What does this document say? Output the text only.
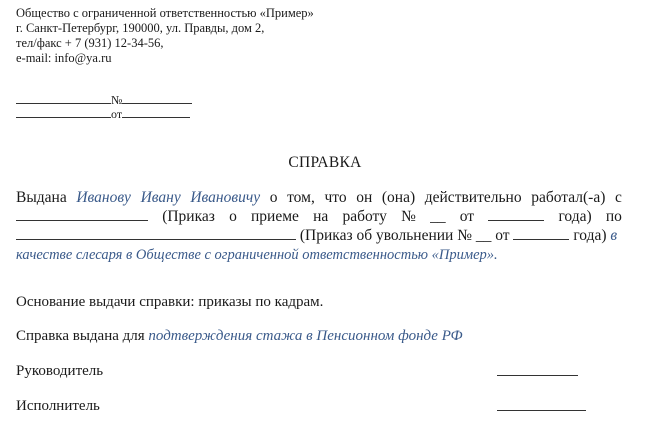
Общество с ограниченной ответственностью «Пример»
г. Санкт-Петербург, 190000, ул. Правды, дом 2,
тел/факс + 7 (931) 12-34-56,
e-mail: info@ya.ru
№
от
СПРАВКА
Выдана Иванову Ивану Ивановичу о том, что он (она) действительно работал(-а) с
(Приказ о приеме на работу № __ от	года) по
(Приказ об увольнении № __ от	года) в
качестве слесаря в Обществе с ограниченной ответственностью «Пример».
Основание выдачи справки: приказы по кадрам.
Справка выдана для подтверждения стажа в Пенсионном фонде РФ
Руководитель
Исполнитель
